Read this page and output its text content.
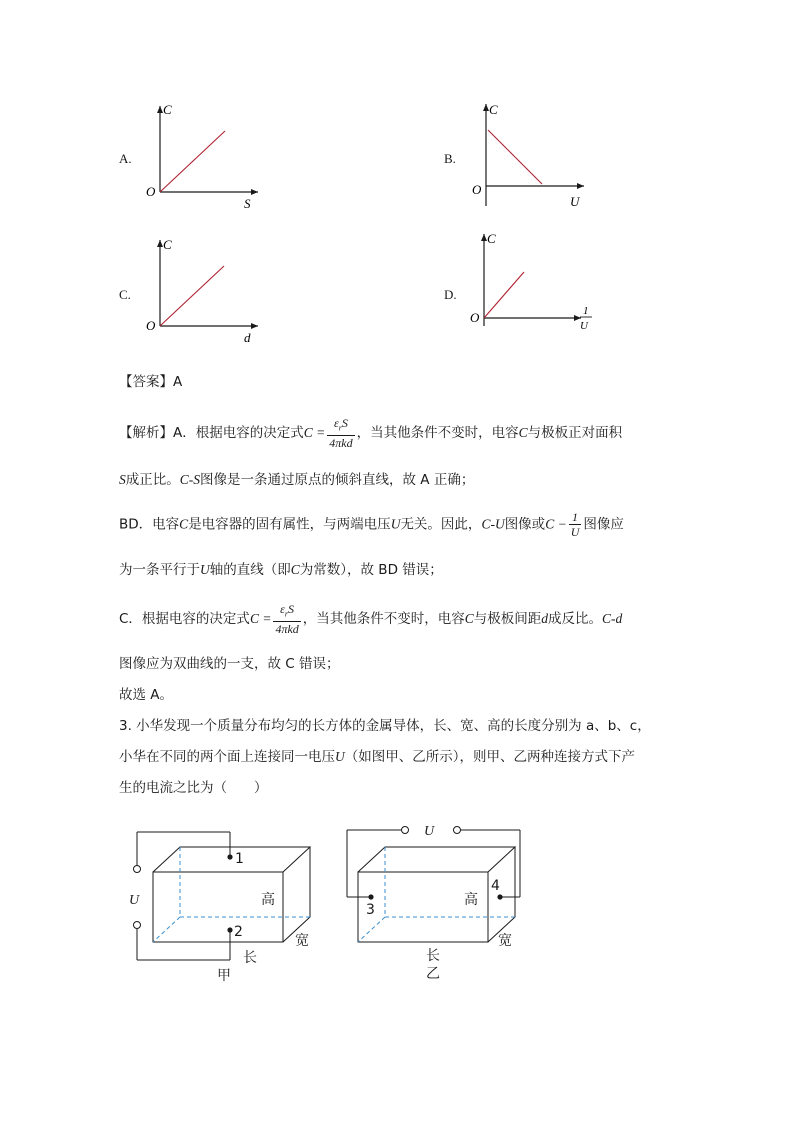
A.
C
O
S
B.
C
O
U
C.
C
O
d
D.
C
O	1
U
【答案】A
【解析】A．根据电容的决定式$C = \frac{\varepsilon_rS}{\text{4πkd}}$ ，当其他条件不变时，电容C与极板正对面积
S成正比。C-S图像是一条通过原点的倾斜直线，故 A 正确；
BD．电容C是电容器的固有属性，与两端电压U无关。因此，C-U图像或$C - \frac{1}{U}$ 图像应
为一条平行于U轴的直线（即C为常数），故 BD 错误；
C．根据电容的决定式$C = \frac{\varepsilon_rS}{\text{4πkd}}$ ，当其他条件不变时，电容C与极板间距d成反比。C-d
图像应为双曲线的一支，故 C 错误；
故选 A。
3. 小华发现一个质量分布均匀的长方体的金属导体，长、宽、高的长度分别为 a、b、c，
小华在不同的两个面上连接同一电压U（如图甲、乙所示），则甲、乙两种连接方式下产
生的电流之比为（　　）
1
2
U	高
长
宽
甲
U
3
4
高
长
宽
乙
